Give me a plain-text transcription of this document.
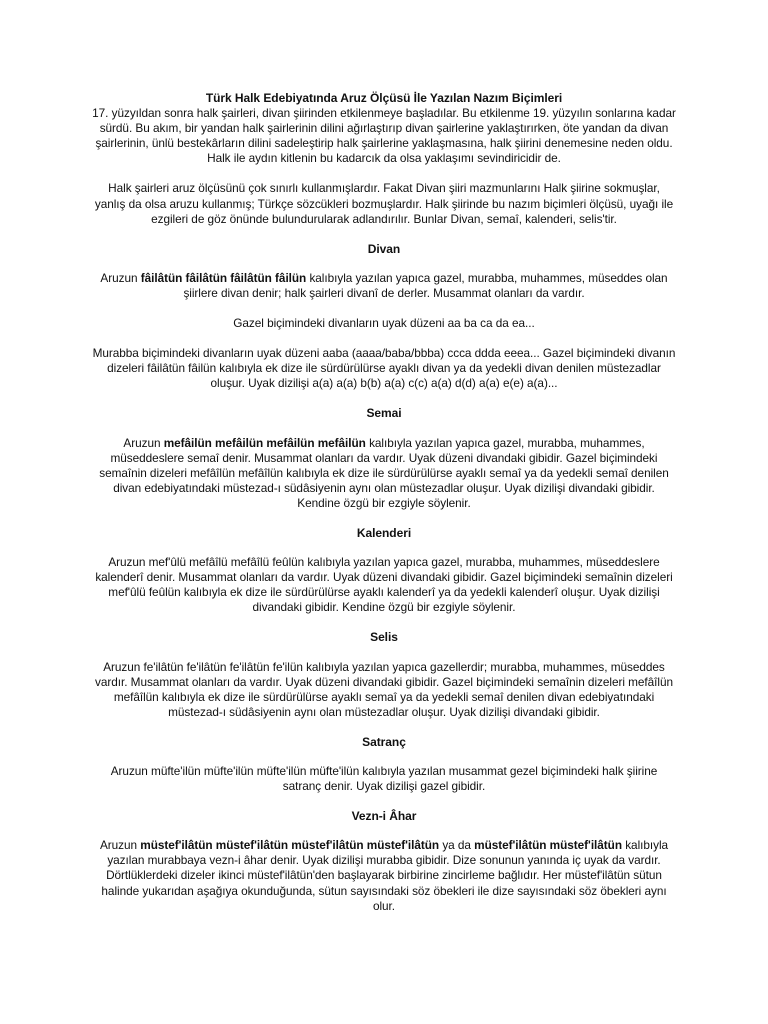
Türk Halk Edebiyatında Aruz Ölçüsü İle Yazılan Nazım Biçimleri

17. yüzyıldan sonra halk şairleri, divan şiirinden etkilenmeye başladılar. Bu etkilenme 19. yüzyılın sonlarına kadar sürdü. Bu akım, bir yandan halk şairlerinin dilini ağırlaştırıp divan şairlerine yaklaştırırken, öte yandan da divan şairlerinin, ünlü bestekârların dilini sadeleştirip halk şairlerine yaklaşmasına, halk şiirini denemesine neden oldu. Halk ile aydın kitlenin bu kadarcık da olsa yaklaşımı sevindiricidir de.

Halk şairleri aruz ölçüsünü çok sınırlı kullanmışlardır. Fakat Divan şiiri mazmunlarını Halk şiirine sokmuşlar, yanlış da olsa aruzu kullanmış; Türkçe sözcükleri bozmuşlardır. Halk şiirinde bu nazım biçimleri ölçüsü, uyağı ile ezgileri de göz önünde bulundurularak adlandırılır. Bunlar Divan, semaî, kalenderi, selis'tir.

Divan

Aruzun fâilâtün fâilâtün fâilâtün fâilün kalıbıyla yazılan yapıca gazel, murabba, muhammes, müseddes olan şiirlere divan denir; halk şairleri divanî de derler. Musammat olanları da vardır.

Gazel biçimindeki divanların uyak düzeni aa ba ca da ea...

Murabba biçimindeki divanların uyak düzeni aaba (aaaa/baba/bbba) ccca ddda eeea... Gazel biçimindeki divanın dizeleri fâilâtün fâilün kalıbıyla ek dize ile sürdürülürse ayaklı divan ya da yedekli divan denilen müstezadlar oluşur. Uyak dizilişi a(a) a(a) b(b) a(a) c(c) a(a) d(d) a(a) e(e) a(a)...

Semai

Aruzun mefâilün mefâilün mefâilün mefâilün kalıbıyla yazılan yapıca gazel, murabba, muhammes, müseddeslere semaî denir. Musammat olanları da vardır. Uyak düzeni divandaki gibidir. Gazel biçimindeki semaînin dizeleri mefâîlün mefâîlün kalıbıyla ek dize ile sürdürülürse ayaklı semaî ya da yedekli semaî denilen divan edebiyatındaki müstezad-ı südâsiyenin aynı olan müstezadlar oluşur. Uyak dizilişi divandaki gibidir. Kendine özgü bir ezgiyle söylenir.

Kalenderi

Aruzun mef'ûlü mefâîlü mefâîlü feûlün kalıbıyla yazılan yapıca gazel, murabba, muhammes, müseddeslere kalenderî denir. Musammat olanları da vardır. Uyak düzeni divandaki gibidir. Gazel biçimindeki semaînin dizeleri mef'ûlü feûlün kalıbıyla ek dize ile sürdürülürse ayaklı kalenderî ya da yedekli kalenderî oluşur. Uyak dizilişi divandaki gibidir. Kendine özgü bir ezgiyle söylenir.

Selis

Aruzun fe'ilâtün fe'ilâtün fe'ilâtün fe'ilün kalıbıyla yazılan yapıca gazellerdir; murabba, muhammes, müseddes vardır. Musammat olanları da vardır. Uyak düzeni divandaki gibidir. Gazel biçimindeki semaînin dizeleri mefâîlün mefâîlün kalıbıyla ek dize ile sürdürülürse ayaklı semaî ya da yedekli semaî denilen divan edebiyatındaki müstezad-ı südâsiyenin aynı olan müstezadlar oluşur. Uyak dizilişi divandaki gibidir.

Satranç

Aruzun müfte'ilün müfte'ilün müfte'ilün müfte'ilün kalıbıyla yazılan musammat gezel biçimindeki halk şiirine satranç denir. Uyak dizilişi gazel gibidir.

Vezn-i Âhar

Aruzun müstef'ilâtün müstef'ilâtün müstef'ilâtün müstef'ilâtün ya da müstef'ilâtün müstef'ilâtün kalıbıyla yazılan murabbaya vezn-i âhar denir. Uyak dizilişi murabba gibidir. Dize sonunun yanında iç uyak da vardır. Dörtlüklerdeki dizeler ikinci müstef'ilâtün'den başlayarak birbirine zincirleme bağlıdır. Her müstef'ilâtün sütun halinde yukarıdan aşağıya okunduğunda, sütun sayısındaki söz öbekleri ile dize sayısındaki söz öbekleri aynı olur.
